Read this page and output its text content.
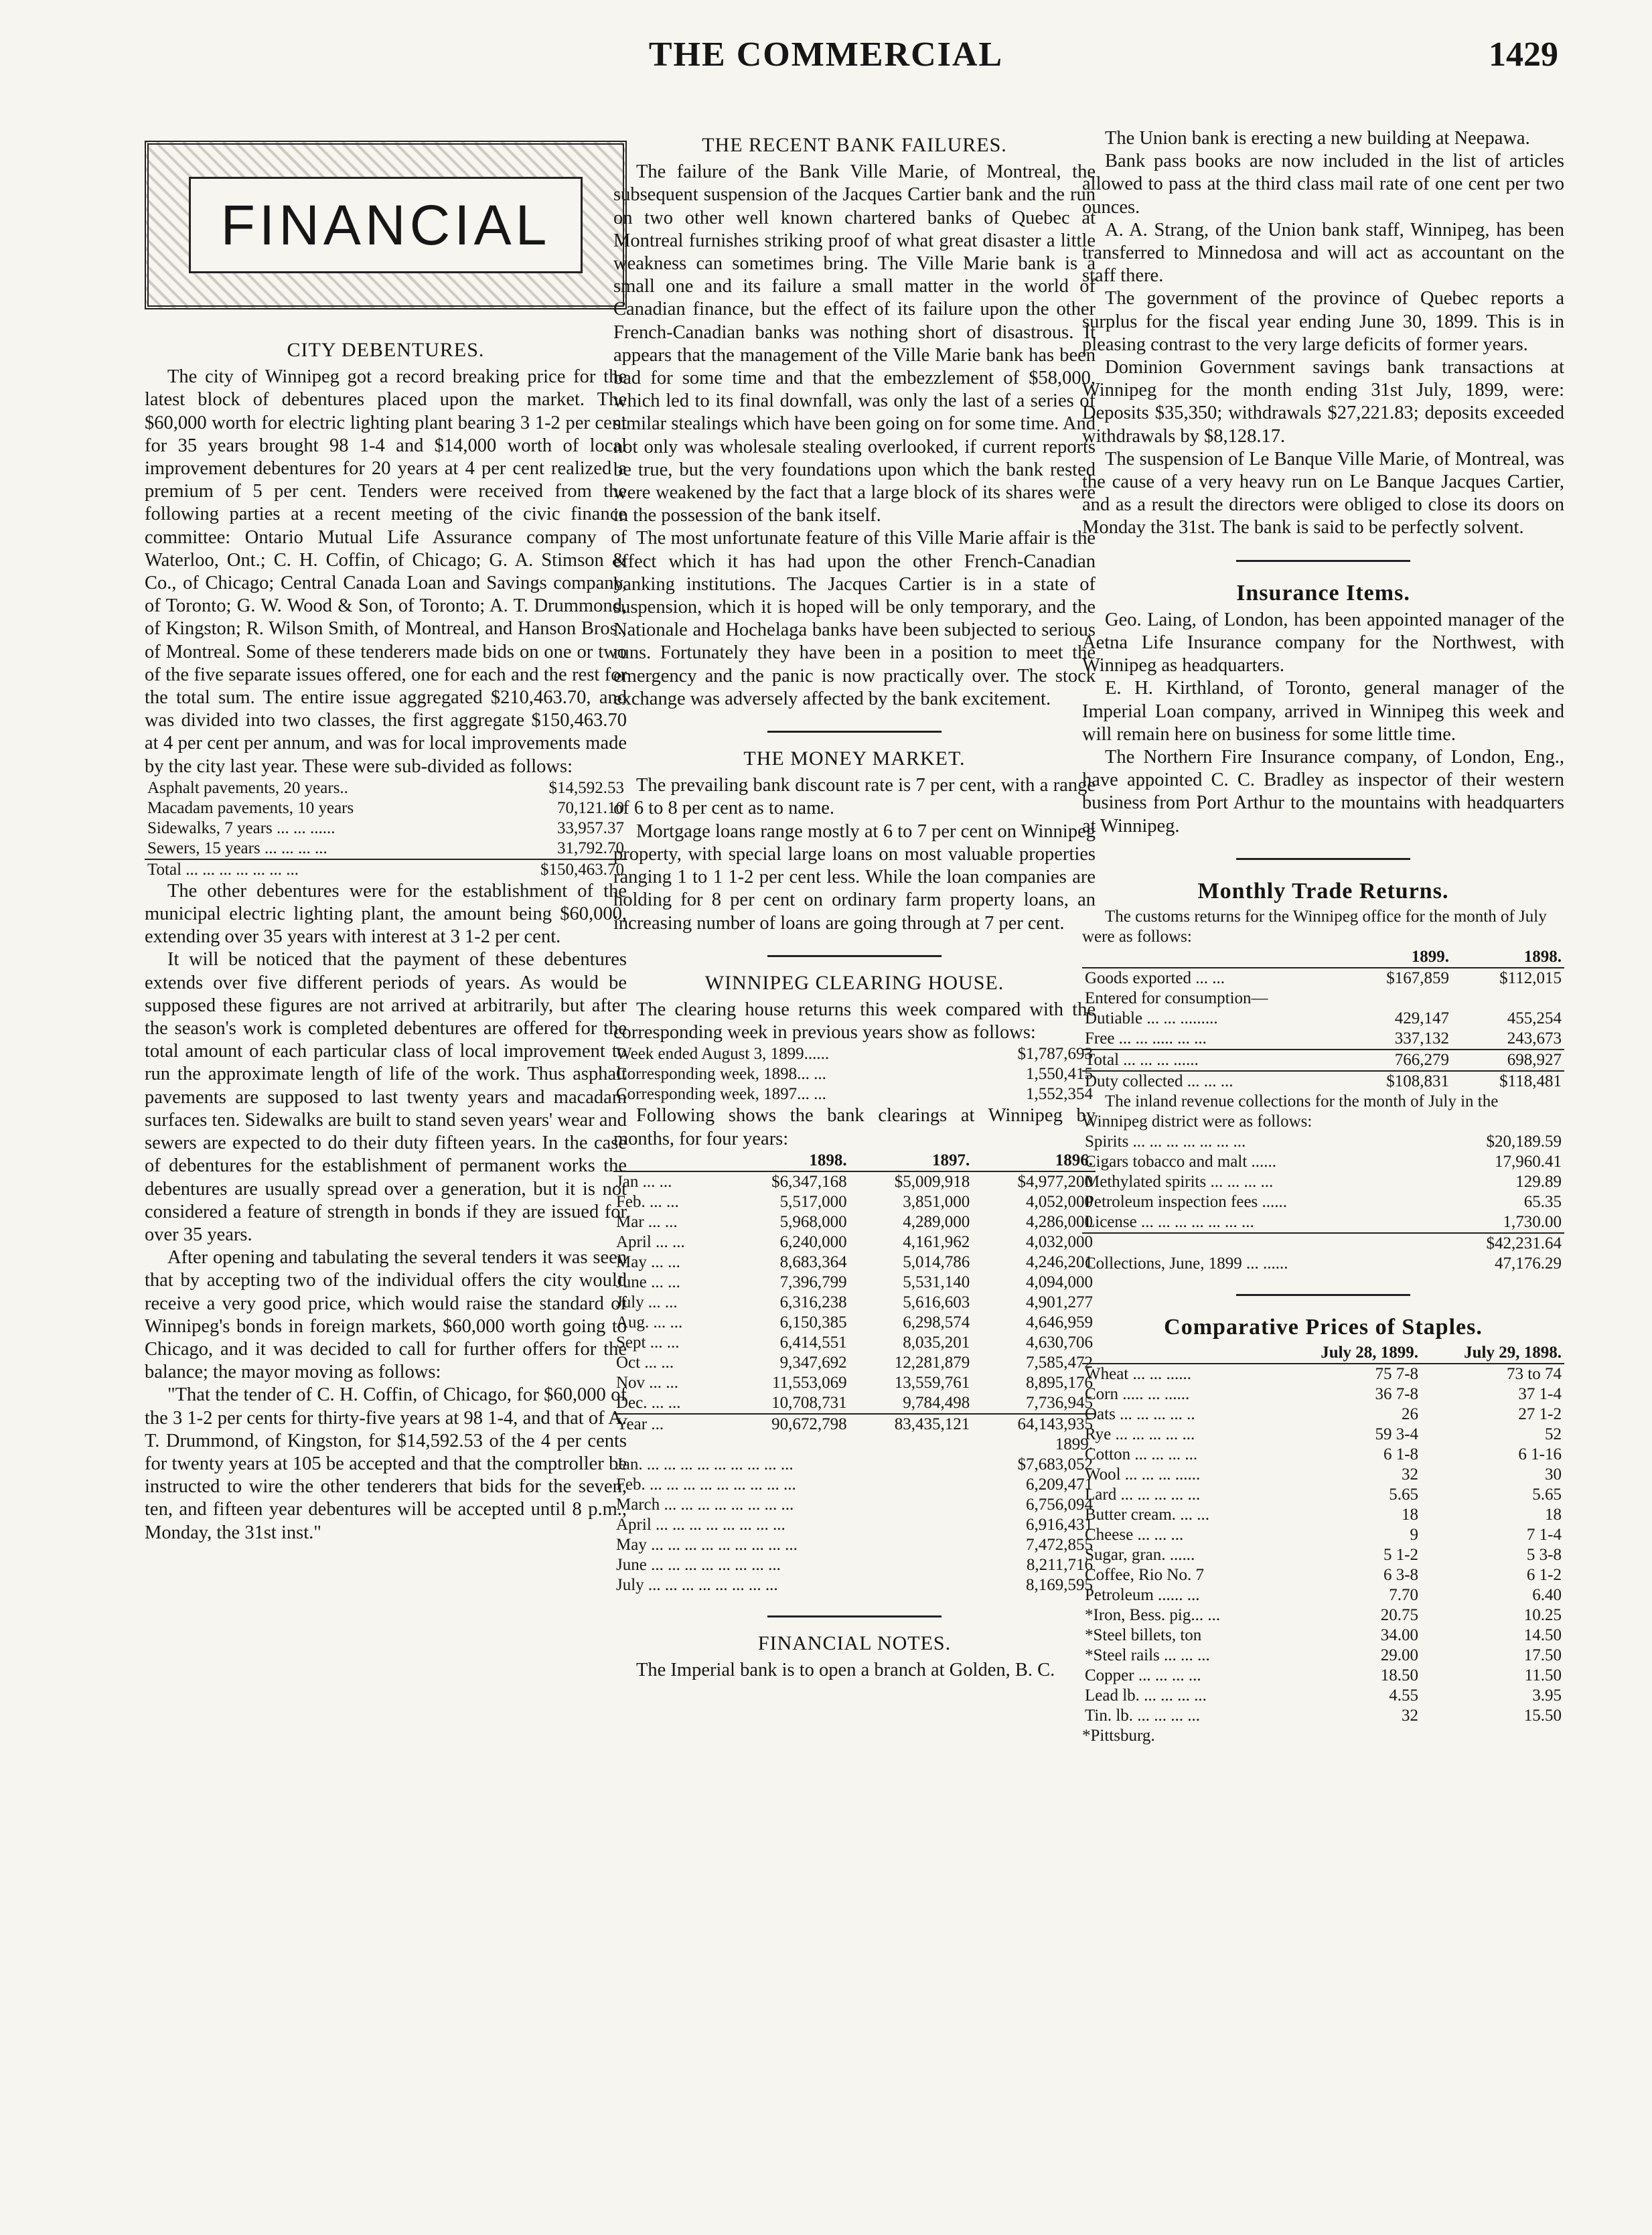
THE COMMERCIAL	1429
FINANCIAL
CITY DEBENTURES.

The city of Winnipeg got a record breaking price for the latest block of debentures placed upon the market. The $60,000 worth for electric lighting plant bearing 3 1-2 per cent for 35 years brought 98 1-4 and $14,000 worth of local improvement debentures for 20 years at 4 per cent realized a premium of 5 per cent. Tenders were received from the following parties at a recent meeting of the civic finance committee: Ontario Mutual Life Assurance company of Waterloo, Ont.; C. H. Coffin, of Chicago; G. A. Stimson & Co., of Chicago; Central Canada Loan and Savings company, of Toronto; G. W. Wood & Son, of Toronto; A. T. Drummond, of Kingston; R. Wilson Smith, of Montreal, and Hanson Bros., of Montreal. Some of these tenderers made bids on one or two of the five separate issues offered, one for each and the rest for the total sum. The entire issue aggregated $210,463.70, and was divided into two classes, the first aggregate $150,463.70 at 4 per cent per annum, and was for local improvements made by the city last year. These were sub-divided as follows:

Asphalt pavements, 20 years..	$14,592.53
Macadam pavements, 10 years	70,121.10
Sidewalks, 7 years ... ... ......	33,957.37
Sewers, 15 years ... ... ... ...	31,792.70
Total ... ... ... ... ... ... ...	$150,463.70

The other debentures were for the establishment of the municipal electric lighting plant, the amount being $60,000, extending over 35 years with interest at 3 1-2 per cent.

It will be noticed that the payment of these debentures extends over five different periods of years. As would be supposed these figures are not arrived at arbitrarily, but after the season's work is completed debentures are offered for the total amount of each particular class of local improvement to run the approximate length of life of the work. Thus asphalt pavements are supposed to last twenty years and macadam surfaces ten. Sidewalks are built to stand seven years' wear and sewers are expected to do their duty fifteen years. In the case of debentures for the establishment of permanent works the debentures are usually spread over a generation, but it is not considered a feature of strength in bonds if they are issued for over 35 years.

After opening and tabulating the several tenders it was seen that by accepting two of the individual offers the city would receive a very good price, which would raise the standard of Winnipeg's bonds in foreign markets, $60,000 worth going to Chicago, and it was decided to call for further offers for the balance; the mayor moving as follows:

"That the tender of C. H. Coffin, of Chicago, for $60,000 of the 3 1-2 per cents for thirty-five years at 98 1-4, and that of A. T. Drummond, of Kingston, for $14,592.53 of the 4 per cents for twenty years at 105 be accepted and that the comptroller be instructed to wire the other tenderers that bids for the seven, ten, and fifteen year debentures will be accepted until 8 p.m., Monday, the 31st inst."

THE RECENT BANK FAILURES.

The failure of the Bank Ville Marie, of Montreal, the subsequent suspension of the Jacques Cartier bank and the run on two other well known chartered banks of Quebec at Montreal furnishes striking proof of what great disaster a little weakness can sometimes bring. The Ville Marie bank is a small one and its failure a small matter in the world of Canadian finance, but the effect of its failure upon the other French-Canadian banks was nothing short of disastrous. It appears that the management of the Ville Marie bank has been bad for some time and that the embezzlement of $58,000, which led to its final downfall, was only the last of a series of similar stealings which have been going on for some time. And not only was wholesale stealing overlooked, if current reports be true, but the very foundations upon which the bank rested were weakened by the fact that a large block of its shares were in the possession of the bank itself.

The most unfortunate feature of this Ville Marie affair is the effect which it has had upon the other French-Canadian banking institutions. The Jacques Cartier is in a state of suspension, which it is hoped will be only temporary, and the Nationale and Hochelaga banks have been subjected to serious runs. Fortunately they have been in a position to meet the emergency and the panic is now practically over. The stock exchange was adversely affected by the bank excitement.

THE MONEY MARKET.

The prevailing bank discount rate is 7 per cent, with a range of 6 to 8 per cent as to name.

Mortgage loans range mostly at 6 to 7 per cent on Winnipeg property, with special large loans on most valuable properties ranging 1 to 1 1-2 per cent less. While the loan companies are holding for 8 per cent on ordinary farm property loans, an increasing number of loans are going through at 7 per cent.

WINNIPEG CLEARING HOUSE.

The clearing house returns this week compared with the corresponding week in previous years show as follows:

Week ended August 3, 1899......	$1,787,693
Corresponding week, 1898... ...	1,550,415
Corresponding week, 1897... ...	1,552,354

Following shows the bank clearings at Winnipeg by months, for four years:

	1898.	1897.	1896.
Jan ... ...	$6,347,168	$5,009,918	$4,977,200
Feb. ... ...	5,517,000	3,851,000	4,052,000
Mar ... ...	5,968,000	4,289,000	4,286,000
April ... ...	6,240,000	4,161,962	4,032,000
May ... ...	8,683,364	5,014,786	4,246,201
June ... ...	7,396,799	5,531,140	4,094,000
July ... ...	6,316,238	5,616,603	4,901,277
Aug. ... ...	6,150,385	6,298,574	4,646,959
Sept ... ...	6,414,551	8,035,201	4,630,706
Oct ... ...	9,347,692	12,281,879	7,585,472
Nov ... ...	11,553,069	13,559,761	8,895,176
Dec. ... ...	10,708,731	9,784,498	7,736,945
Year ...	90,672,798	83,435,121	64,143,935
	1899.
Jan. ... ... ... ... ... ... ... ... ...	$7,683,052
Feb. ... ... ... ... ... ... ... ... ...	6,209,471
March ... ... ... ... ... ... ... ...	6,756,094
April ... ... ... ... ... ... ... ...	6,916,431
May ... ... ... ... ... ... ... ... ...	7,472,855
June ... ... ... ... ... ... ... ...	8,211,716
July ... ... ... ... ... ... ... ...	8,169,595
FINANCIAL NOTES.

The Imperial bank is to open a branch at Golden, B. C.

The Union bank is erecting a new building at Neepawa.

Bank pass books are now included in the list of articles allowed to pass at the third class mail rate of one cent per two ounces.

A. A. Strang, of the Union bank staff, Winnipeg, has been transferred to Minnedosa and will act as accountant on the staff there.

The government of the province of Quebec reports a surplus for the fiscal year ending June 30, 1899. This is in pleasing contrast to the very large deficits of former years.

Dominion Government savings bank transactions at Winnipeg for the month ending 31st July, 1899, were: Deposits $35,350; withdrawals $27,221.83; deposits exceeded withdrawals by $8,128.17.

The suspension of Le Banque Ville Marie, of Montreal, was the cause of a very heavy run on Le Banque Jacques Cartier, and as a result the directors were obliged to close its doors on Monday the 31st. The bank is said to be perfectly solvent.

Insurance Items.

Geo. Laing, of London, has been appointed manager of the Aetna Life Insurance company for the Northwest, with Winnipeg as headquarters.

E. H. Kirthland, of Toronto, general manager of the Imperial Loan company, arrived in Winnipeg this week and will remain here on business for some little time.

The Northern Fire Insurance company, of London, Eng., have appointed C. C. Bradley as inspector of their western business from Port Arthur to the mountains with headquarters at Winnipeg.

Monthly Trade Returns.

The customs returns for the Winnipeg office for the month of July were as follows:

	1899.	1898.
Goods exported ... ...	$167,859	$112,015
Entered for consumption—		
Dutiable ... ... .........	429,147	455,254
Free ... ... ..... ... ...	337,132	243,673
Total ... ... ... ......	766,279	698,927
Duty collected ... ... ...	$108,831	$118,481

The inland revenue collections for the month of July in the Winnipeg district were as follows:

Spirits ... ... ... ... ... ... ...	$20,189.59
Cigars tobacco and malt ......	17,960.41
Methylated spirits ... ... ... ...	129.89
Petroleum inspection fees ......	65.35
License ... ... ... ... ... ... ...	1,730.00
	$42,231.64
Collections, June, 1899 ... ......	47,176.29
Comparative Prices of Staples.
	July 28, 1899.	July 29, 1898.
Wheat ... ... ......	75 7-8	73 to 74
Corn ..... ... ......	36 7-8	37 1-4
Oats ... ... ... ... ..	26	27 1-2
Rye ... ... ... ... ...	59 3-4	52
Cotton ... ... ... ...	6 1-8	6 1-16
Wool ... ... ... ......	32	30
Lard ... ... ... ... ...	5.65	5.65
Butter cream. ... ...	18	18
Cheese ... ... ...	9	7 1-4
Sugar, gran. ......	5 1-2	5 3-8
Coffee, Rio No. 7	6 3-8	6 1-2
Petroleum ...... ...	7.70	6.40
*Iron, Bess. pig... ...	20.75	10.25
*Steel billets, ton	34.00	14.50
*Steel rails ... ... ...	29.00	17.50
Copper ... ... ... ...	18.50	11.50
Lead lb. ... ... ... ...	4.55	3.95
Tin. lb. ... ... ... ...	32	15.50

*Pittsburg.
